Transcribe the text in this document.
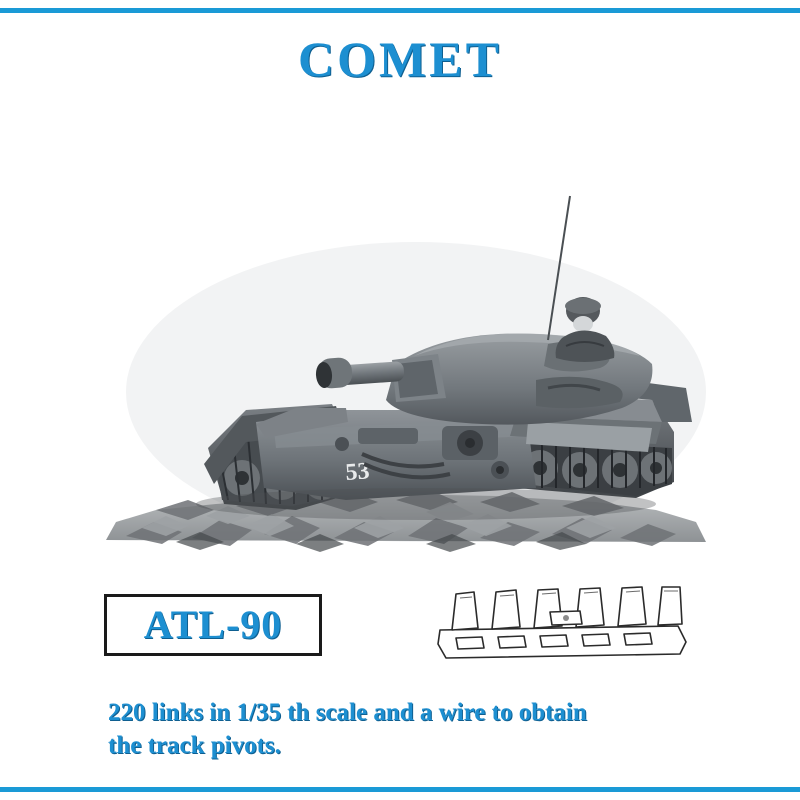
COMET
53
ATL-90
220 links in 1/35 th scale and a wire to obtain
the track pivots.
